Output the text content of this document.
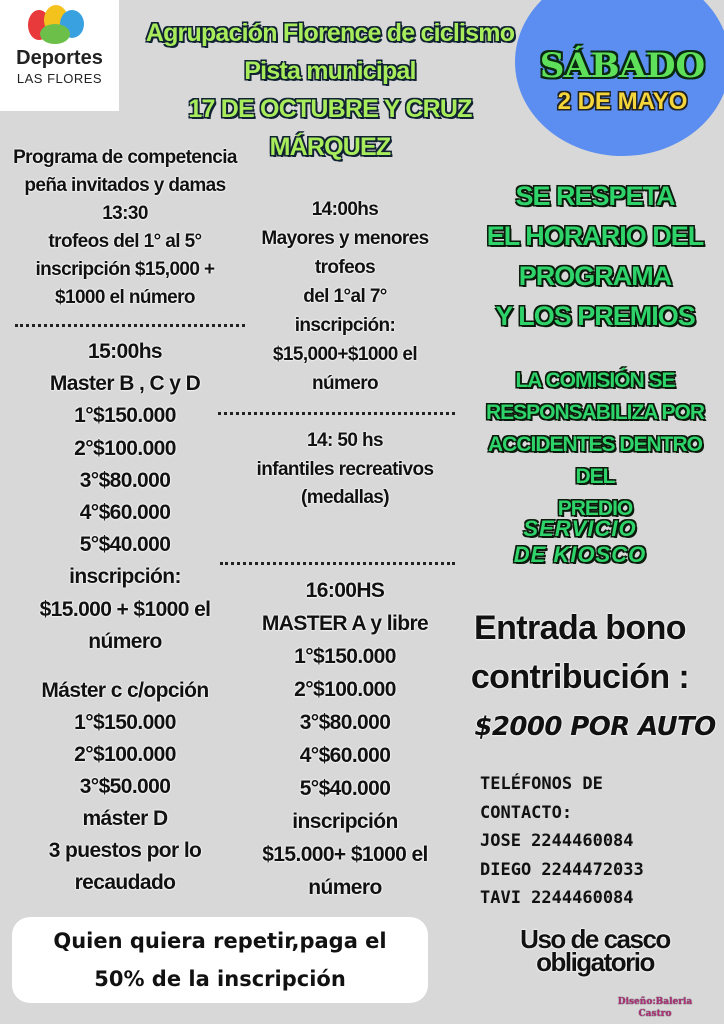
Deportes
LAS FLORES
Agrupación Florence de ciclismo
Pista municipal
17 DE OCTUBRE Y CRUZ MÁRQUEZ
SÁBADO
2 DE MAYO
Programa de competencia
peña invitados y damas
13:30
trofeos del 1° al 5°
inscripción $15,000 +
$1000 el número
15:00hs
Master B , C y D
1°$150.000
2°$100.000
3°$80.000
4°$60.000
5°$40.000
inscripción:
$15.000 + $1000 el
número
Máster c c/opción
1°$150.000
2°$100.000
3°$50.000
máster D
3 puestos por lo
recaudado
14:00hs
Mayores y menores
trofeos
del 1°al 7°
inscripción:
$15,000+$1000 el
número
14: 50 hs
infantiles recreativos
(medallas)
16:00HS
MASTER A y libre
1°$150.000
2°$100.000
3°$80.000
4°$60.000
5°$40.000
inscripción
$15.000+ $1000 el
número
SE RESPETA
EL HORARIO DEL
PROGRAMA
Y LOS PREMIOS
LA COMISIÓN SE
RESPONSABILIZA POR
ACCIDENTES DENTRO DEL
PREDIO
SERVICIO
DE KIOSCO
Entrada bono
contribución :
$2000 POR AUTO
TELÉFONOS DE
CONTACTO:
JOSE 2244460084
DIEGO 2244472033
TAVI 2244460084
Uso de casco
obligatorio
Quien quiera repetir,paga el
50% de la inscripción
Diseño:Baleria
Castro
